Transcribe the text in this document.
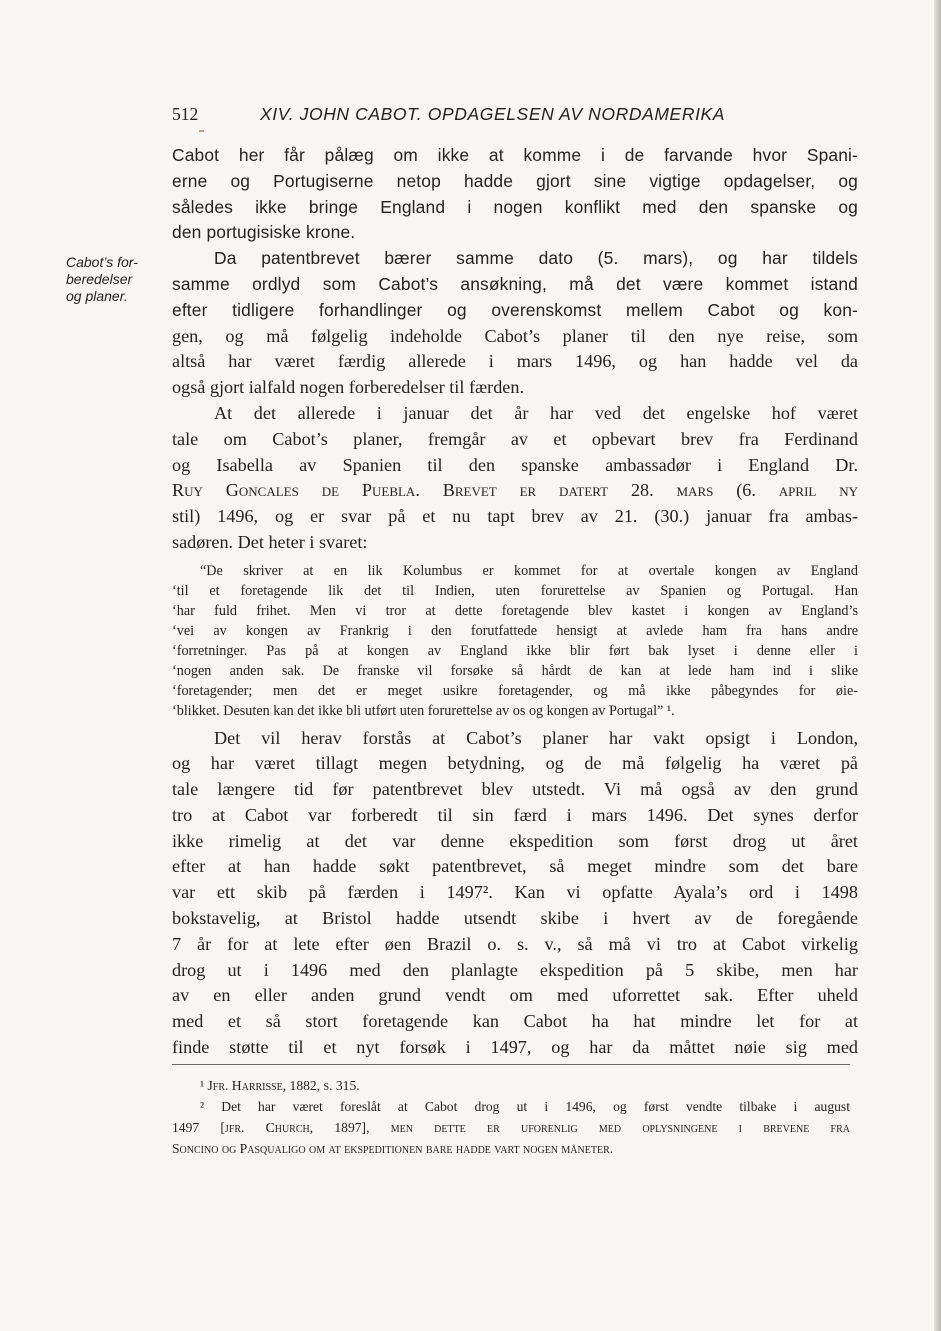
512	XIV. JOHN CABOT. OPDAGELSEN AV NORDAMERIKA
Cabot’s for-
beredelser
og planer.
Cabot her får pålæg om ikke at komme i de farvande hvor Spani-
erne og Portugiserne netop hadde gjort sine vigtige opdagelser, og
således ikke bringe England i nogen konflikt med den spanske og
den portugisiske krone.
Da patentbrevet bærer samme dato (5. mars), og har tildels
samme ordlyd som Cabot’s ansøkning, må det være kommet istand
efter tidligere forhandlinger og overenskomst mellem Cabot og kon-
gen, og må følgelig indeholde Cabot’s planer til den nye reise, som
altså har været færdig allerede i mars 1496, og han hadde vel da
også gjort ialfald nogen forberedelser til færden.
At det allerede i januar det år har ved det engelske hof været
tale om Cabot’s planer, fremgår av et opbevart brev fra Ferdinand
og Isabella av Spanien til den spanske ambassadør i England Dr.
Ruy Goncales de Puebla. Brevet er datert 28. mars (6. april ny
stil) 1496, og er svar på et nu tapt brev av 21. (30.) januar fra ambas-
sadøren. Det heter i svaret:
“De skriver at en lik Kolumbus er kommet for at overtale kongen av England
‘til et foretagende lik det til Indien, uten forurettelse av Spanien og Portugal. Han
‘har fuld frihet. Men vi tror at dette foretagende blev kastet i kongen av England’s
‘vei av kongen av Frankrig i den forutfattede hensigt at avlede ham fra hans andre
‘forretninger. Pas på at kongen av England ikke blir ført bak lyset i denne eller i
‘nogen anden sak. De franske vil forsøke så hårdt de kan at lede ham ind i slike
‘foretagender; men det er meget usikre foretagender, og må ikke påbegyndes for øie-
‘blikket. Desuten kan det ikke bli utført uten forurettelse av os og kongen av Portugal” ¹.
Det vil herav forstås at Cabot’s planer har vakt opsigt i London,
og har været tillagt megen betydning, og de må følgelig ha været på
tale længere tid før patentbrevet blev utstedt. Vi må også av den grund
tro at Cabot var forberedt til sin færd i mars 1496. Det synes derfor
ikke rimelig at det var denne ekspedition som først drog ut året
efter at han hadde søkt patentbrevet, så meget mindre som det bare
var ett skib på færden i 1497². Kan vi opfatte Ayala’s ord i 1498
bokstavelig, at Bristol hadde utsendt skibe i hvert av de foregående
7 år for at lete efter øen Brazil o. s. v., så må vi tro at Cabot virkelig
drog ut i 1496 med den planlagte ekspedition på 5 skibe, men har
av en eller anden grund vendt om med uforrettet sak. Efter uheld
med et så stort foretagende kan Cabot ha hat mindre let for at
finde støtte til et nyt forsøk i 1497, og har da måttet nøie sig med
¹ Jfr. Harrisse, 1882, s. 315.
² Det har været foreslåt at Cabot drog ut i 1496, og først vendte tilbake i august
1497 [jfr. Church, 1897], men dette er uforenlig med oplysningene i brevene fra
Soncino og Pasqualigo om at ekspeditionen bare hadde vart nogen måneter.
